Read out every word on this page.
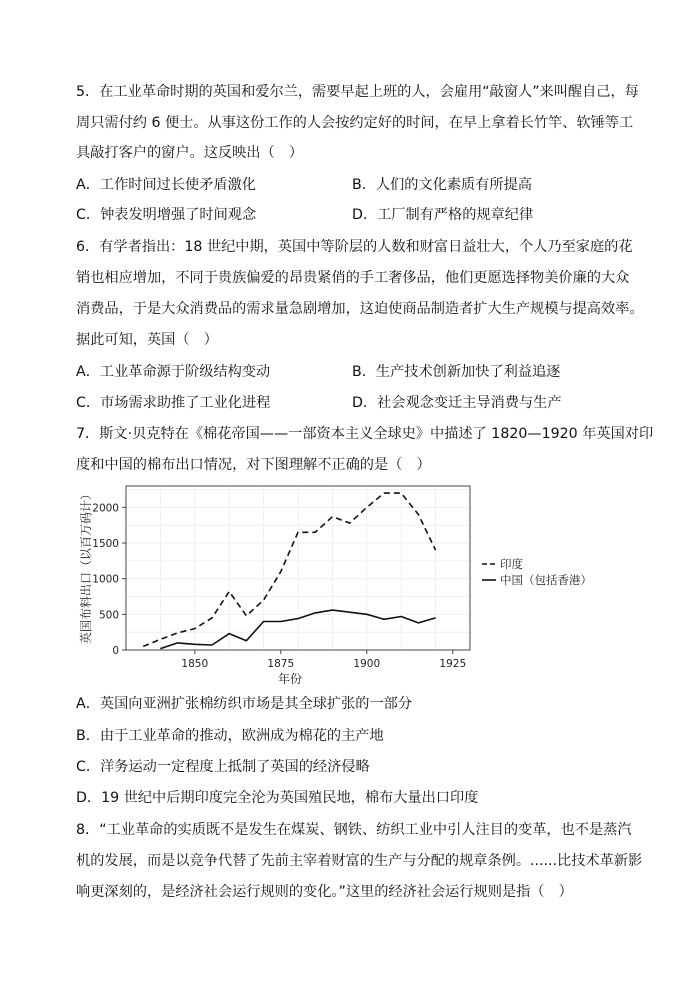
5．在工业革命时期的英国和爱尔兰，需要早起上班的人，会雇用“敲窗人”来叫醒自己，每
周只需付约 6 便士。从事这份工作的人会按约定好的时间，在早上拿着长竹竿、软锤等工
具敲打客户的窗户。这反映出（　）
A．工作时间过长使矛盾激化	B．人们的文化素质有所提高
C．钟表发明增强了时间观念	D．工厂制有严格的规章纪律
6．有学者指出：18 世纪中期，英国中等阶层的人数和财富日益壮大，个人乃至家庭的花
销也相应增加，不同于贵族偏爱的昂贵紧俏的手工奢侈品，他们更愿选择物美价廉的大众
消费品，于是大众消费品的需求量急剧增加，这迫使商品制造者扩大生产规模与提高效率。
据此可知，英国（　）
A．工业革命源于阶级结构变动	B．生产技术创新加快了利益追逐
C．市场需求助推了工业化进程	D．社会观念变迁主导消费与生产
7．斯文·贝克特在《棉花帝国——一部资本主义全球史》中描述了 1820—1920 年英国对印
度和中国的棉布出口情况，对下图理解不正确的是（　）
英国布料出口（以百万码计）
0
500
1000
1500
2000
1850	1875	1900	1925
年份
印度
中国（包括香港）
A．英国向亚洲扩张棉纺织市场是其全球扩张的一部分
B．由于工业革命的推动，欧洲成为棉花的主产地
C．洋务运动一定程度上抵制了英国的经济侵略
D．19 世纪中后期印度完全沦为英国殖民地，棉布大量出口印度
8．“工业革命的实质既不是发生在煤炭、钢铁、纺织工业中引人注目的变革，也不是蒸汽
机的发展，而是以竞争代替了先前主宰着财富的生产与分配的规章条例。......比技术革新影
响更深刻的，是经济社会运行规则的变化。”这里的经济社会运行规则是指（　）
